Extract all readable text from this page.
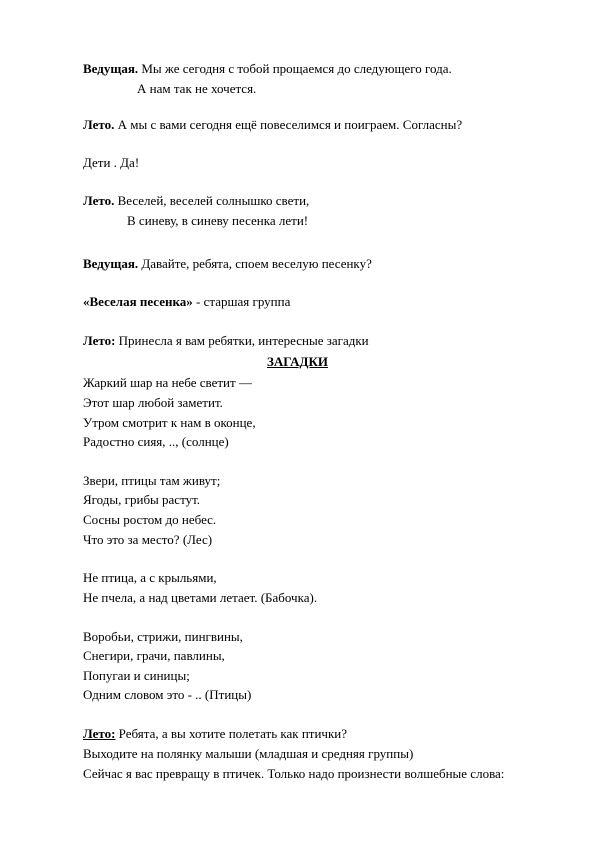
Ведущая. Мы же сегодня с тобой прощаемся до следующего года.
А нам так не хочется.
Лето. А мы с вами сегодня ещё повеселимся и поиграем. Согласны?
Дети . Да!
Лето. Веселей, веселей солнышко свети,
В синеву, в синеву песенка лети!
Ведущая. Давайте, ребята, споем веселую песенку?
«Веселая песенка» - старшая группа
Лето: Принесла я вам ребятки, интересные загадки
ЗАГАДКИ
Жаркий шар на небе светит —
Этот шар любой заметит.
Утром смотрит к нам в оконце,
Радостно сияя, .., (солнце)
Звери, птицы там живут;
Ягоды, грибы растут.
Сосны ростом до небес.
Что это за место? (Лес)
Не птица, а с крыльями,
Не пчела, а над цветами летает. (Бабочка).
Воробьи, стрижи, пингвины,
Снегири, грачи, павлины,
Попугаи и синицы;
Одним словом это - .. (Птицы)
Лето: Ребята, а вы хотите полетать как птички?
Выходите на полянку малыши (младшая и средняя группы)
Сейчас я вас превращу в птичек. Только надо произнести волшебные слова:
